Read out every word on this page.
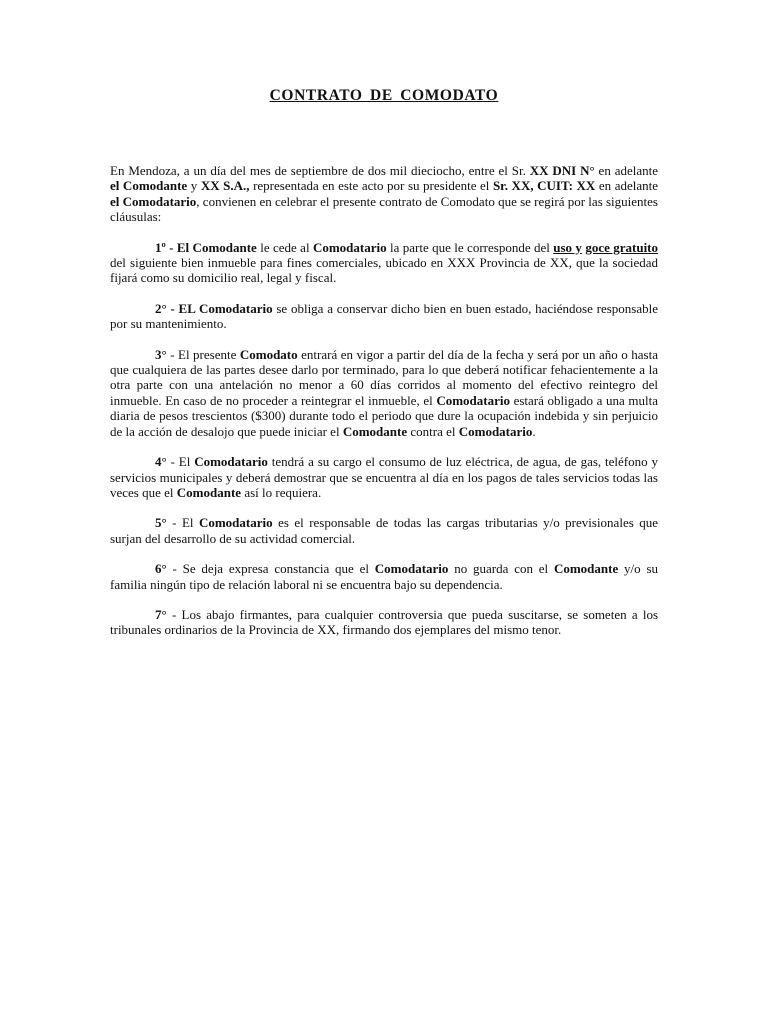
CONTRATO DE COMODATO

En Mendoza, a un día del mes de septiembre de dos mil dieciocho, entre el Sr. XX DNI N° en adelante el Comodante y XX S.A., representada en este acto por su presidente el Sr. XX, CUIT: XX en adelante el Comodatario, convienen en celebrar el presente contrato de Comodato que se regirá por las siguientes cláusulas:

1º - El Comodante le cede al Comodatario la parte que le corresponde del uso y goce gratuito del siguiente bien inmueble para fines comerciales, ubicado en XXX Provincia de XX, que la sociedad fijará como su domicilio real, legal y fiscal.

2° - EL Comodatario se obliga a conservar dicho bien en buen estado, haciéndose responsable por su mantenimiento.

3° - El presente Comodato entrará en vigor a partir del día de la fecha y será por un año o hasta que cualquiera de las partes desee darlo por terminado, para lo que deberá notificar fehacientemente a la otra parte con una antelación no menor a 60 días corridos al momento del efectivo reintegro del inmueble. En caso de no proceder a reintegrar el inmueble, el Comodatario estará obligado a una multa diaria de pesos trescientos ($300) durante todo el periodo que dure la ocupación indebida y sin perjuicio de la acción de desalojo que puede iniciar el Comodante contra el Comodatario.

4° - El Comodatario tendrá a su cargo el consumo de luz eléctrica, de agua, de gas, teléfono y servicios municipales y deberá demostrar que se encuentra al día en los pagos de tales servicios todas las veces que el Comodante así lo requiera.

5° - El Comodatario es el responsable de todas las cargas tributarias y/o previsionales que surjan del desarrollo de su actividad comercial.

6° - Se deja expresa constancia que el Comodatario no guarda con el Comodante y/o su familia ningún tipo de relación laboral ni se encuentra bajo su dependencia.

7° - Los abajo firmantes, para cualquier controversia que pueda suscitarse, se someten a los tribunales ordinarios de la Provincia de XX, firmando dos ejemplares del mismo tenor.
